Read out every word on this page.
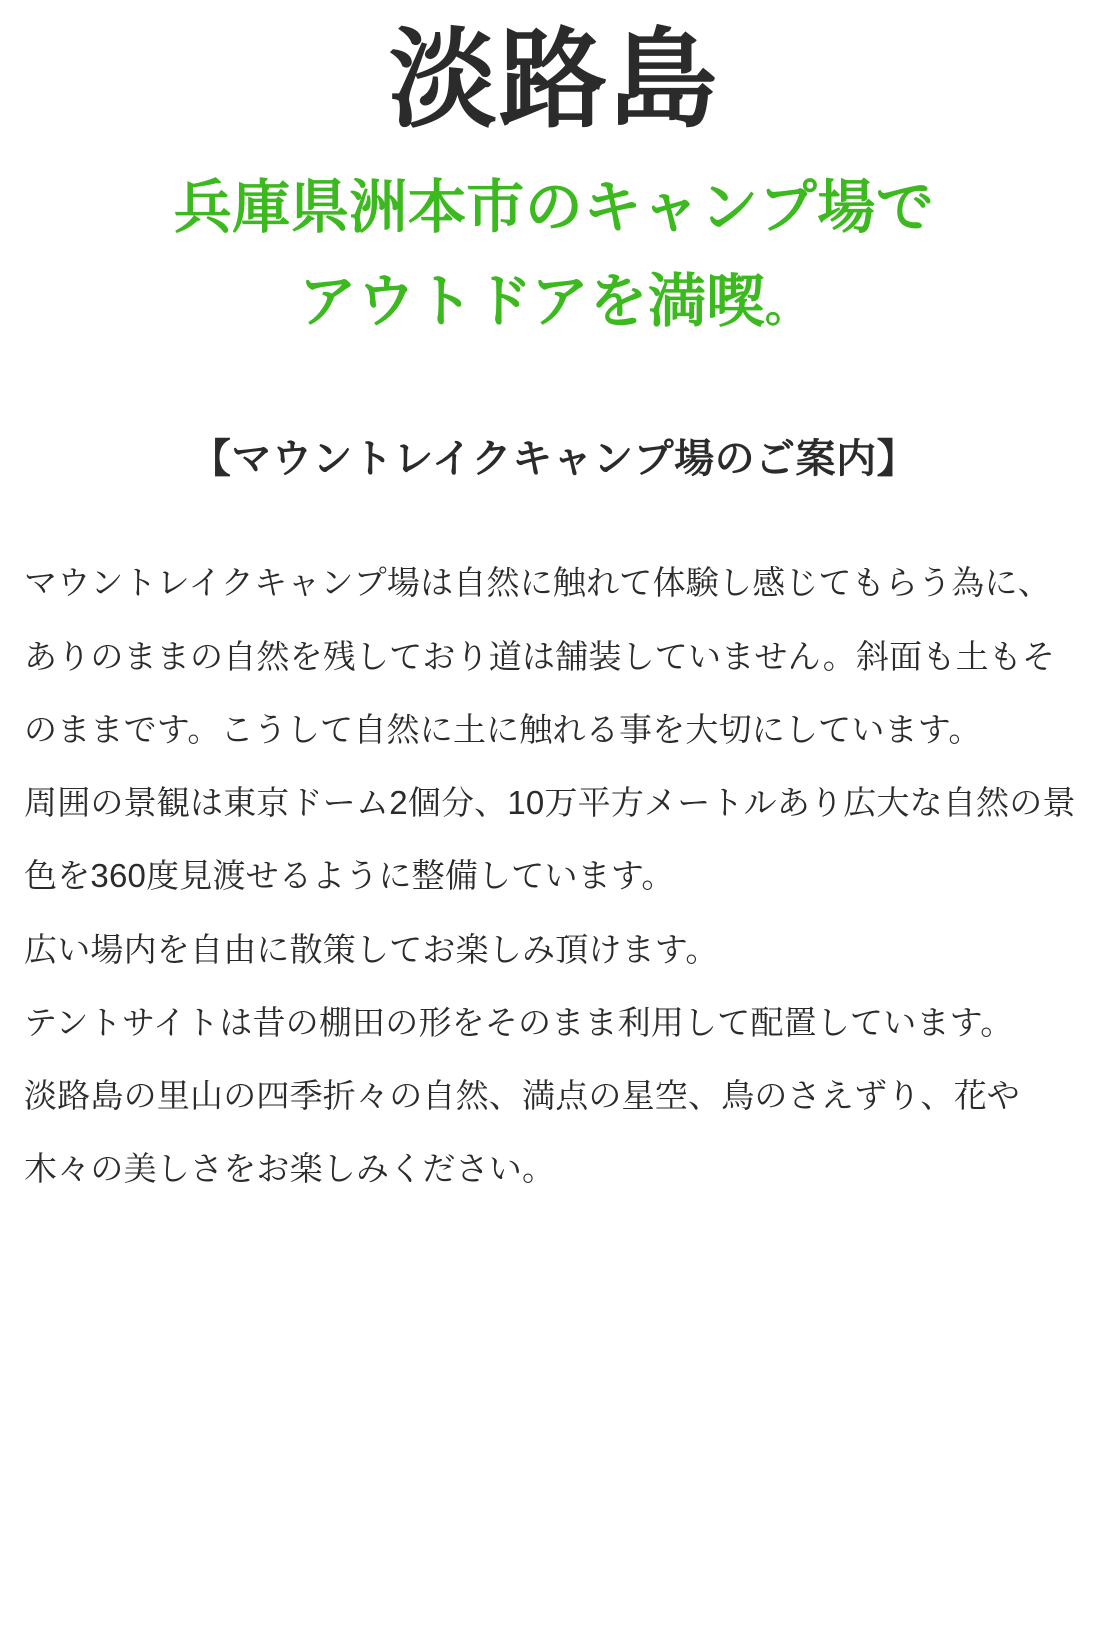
淡路島
兵庫県洲本市のキャンプ場で
アウトドアを満喫。
【マウントレイクキャンプ場のご案内】

マウントレイクキャンプ場は自然に触れて体験し感じてもらう為に、ありのままの自然を残しており道は舗装していません。斜面も土もそのままです。こうして自然に土に触れる事を大切にしています。

周囲の景観は東京ドーム2個分、10万平方メートルあり広大な自然の景色を360度見渡せるように整備しています。

広い場内を自由に散策してお楽しみ頂けます。

テントサイトは昔の棚田の形をそのまま利用して配置しています。

淡路島の里山の四季折々の自然、満点の星空、鳥のさえずり、花や木々の美しさをお楽しみください。
